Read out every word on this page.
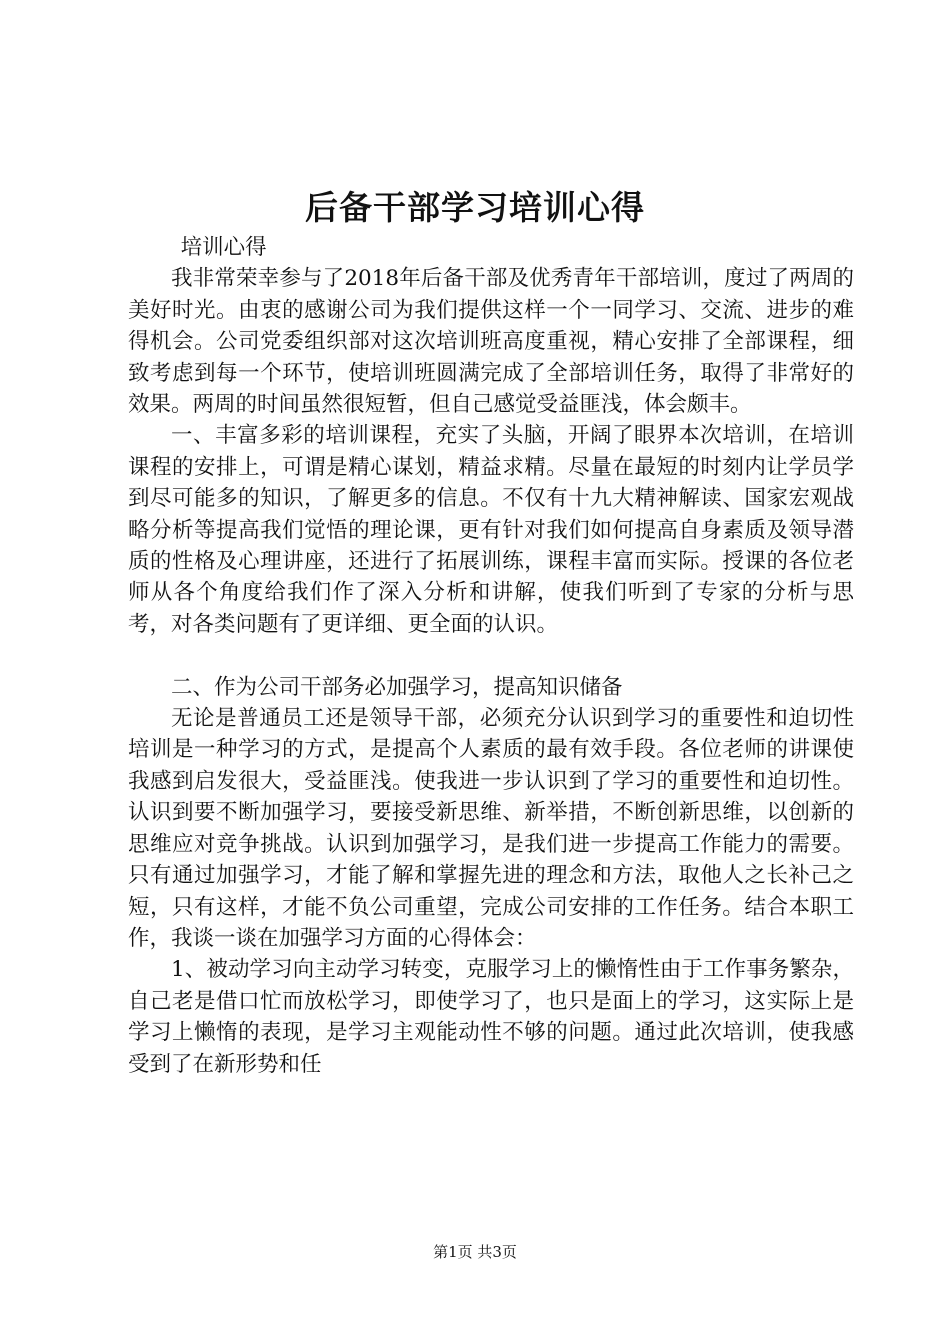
后备干部学习培训心得

培训心得

我非常荣幸参与了2018年后备干部及优秀青年干部培训，度过了两周的美好时光。由衷的感谢公司为我们提供这样一个一同学习、交流、进步的难得机会。公司党委组织部对这次培训班高度重视，精心安排了全部课程，细致考虑到每一个环节，使培训班圆满完成了全部培训任务，取得了非常好的效果。两周的时间虽然很短暂，但自己感觉受益匪浅，体会颇丰。

一、丰富多彩的培训课程，充实了头脑，开阔了眼界本次培训，在培训课程的安排上，可谓是精心谋划，精益求精。尽量在最短的时刻内让学员学到尽可能多的知识，了解更多的信息。不仅有十九大精神解读、国家宏观战略分析等提高我们觉悟的理论课，更有针对我们如何提高自身素质及领导潜质的性格及心理讲座，还进行了拓展训练，课程丰富而实际。授课的各位老师从各个角度给我们作了深入分析和讲解，使我们听到了专家的分析与思考，对各类问题有了更详细、更全面的认识。

二、作为公司干部务必加强学习，提高知识储备

无论是普通员工还是领导干部，必须充分认识到学习的重要性和迫切性培训是一种学习的方式，是提高个人素质的最有效手段。各位老师的讲课使我感到启发很大，受益匪浅。使我进一步认识到了学习的重要性和迫切性。认识到要不断加强学习，要接受新思维、新举措，不断创新思维，以创新的思维应对竞争挑战。认识到加强学习，是我们进一步提高工作能力的需要。只有通过加强学习，才能了解和掌握先进的理念和方法，取他人之长补己之短，只有这样，才能不负公司重望，完成公司安排的工作任务。结合本职工作，我谈一谈在加强学习方面的心得体会：

1、被动学习向主动学习转变，克服学习上的懒惰性由于工作事务繁杂，自己老是借口忙而放松学习，即使学习了，也只是面上的学习，这实际上是学习上懒惰的表现，是学习主观能动性不够的问题。通过此次培训，使我感受到了在新形势和任

第1页 共3页
